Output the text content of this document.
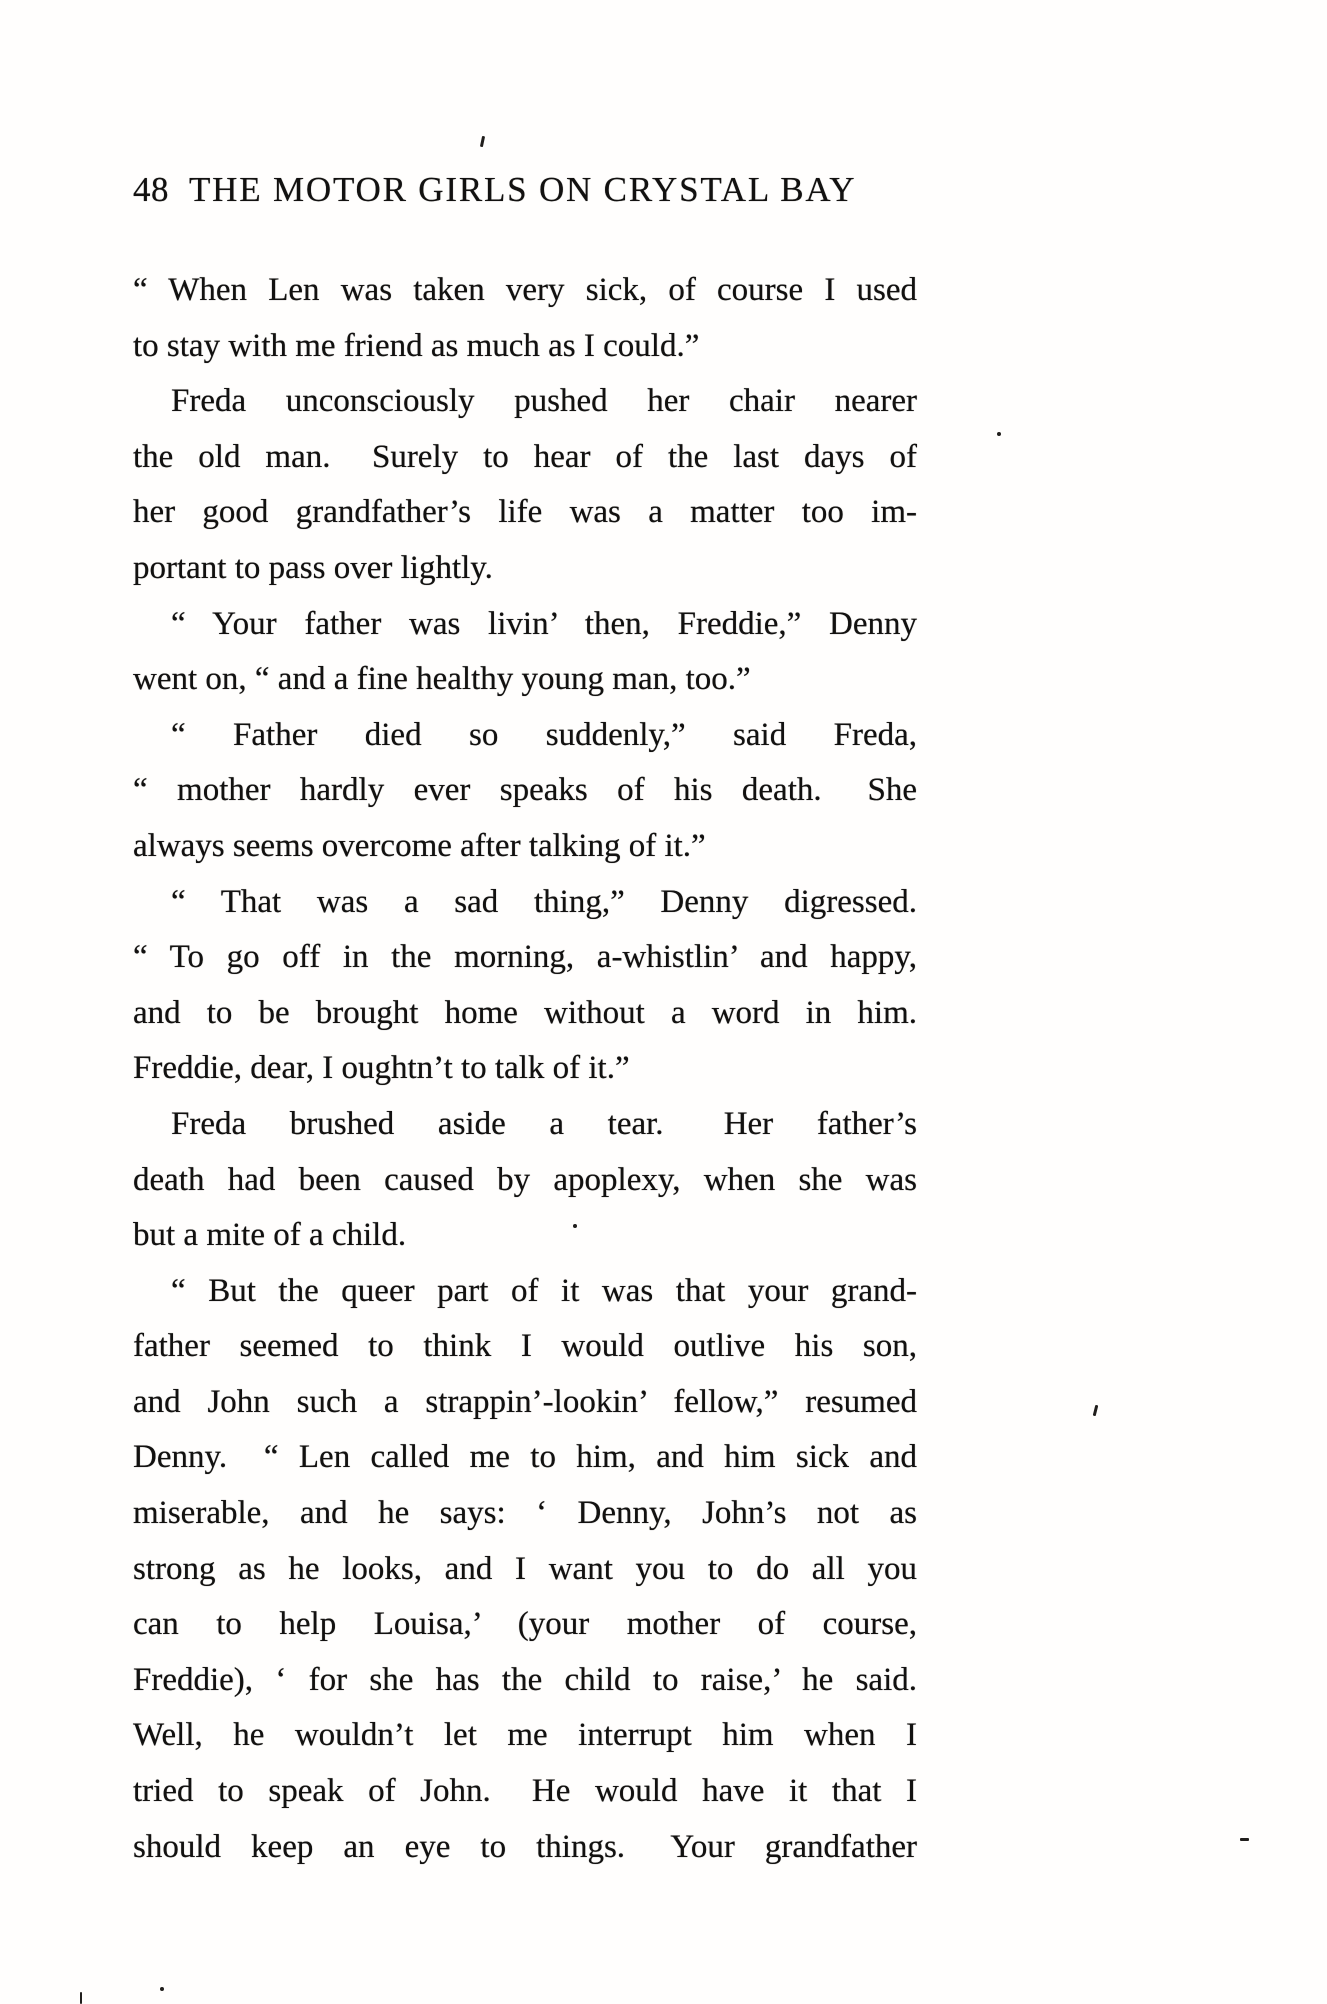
48 THE MOTOR GIRLS ON CRYSTAL BAY
“ When Len was taken very sick, of course I used
to stay with me friend as much as I could.”
Freda unconsciously pushed her chair nearer
the old man.  Surely to hear of the last days of
her good grandfather’s life was a matter too im-
portant to pass over lightly.
“ Your father was livin’ then, Freddie,” Denny
went on, “ and a fine healthy young man, too.”
“ Father died so suddenly,” said Freda,
“ mother hardly ever speaks of his death.  She
always seems overcome after talking of it.”
“ That was a sad thing,” Denny digressed.
“ To go off in the morning, a-whistlin’ and happy,
and to be brought home without a word in him.
Freddie, dear, I oughtn’t to talk of it.”
Freda brushed aside a tear.  Her father’s
death had been caused by apoplexy, when she was
but a mite of a child.
“ But the queer part of it was that your grand-
father seemed to think I would outlive his son,
and John such a strappin’-lookin’ fellow,” resumed
Denny.  “ Len called me to him, and him sick and
miserable, and he says: ‘ Denny, John’s not as
strong as he looks, and I want you to do all you
can to help Louisa,’ (your mother of course,
Freddie), ‘ for she has the child to raise,’ he said.
Well, he wouldn’t let me interrupt him when I
tried to speak of John.  He would have it that I
should keep an eye to things.  Your grandfather
